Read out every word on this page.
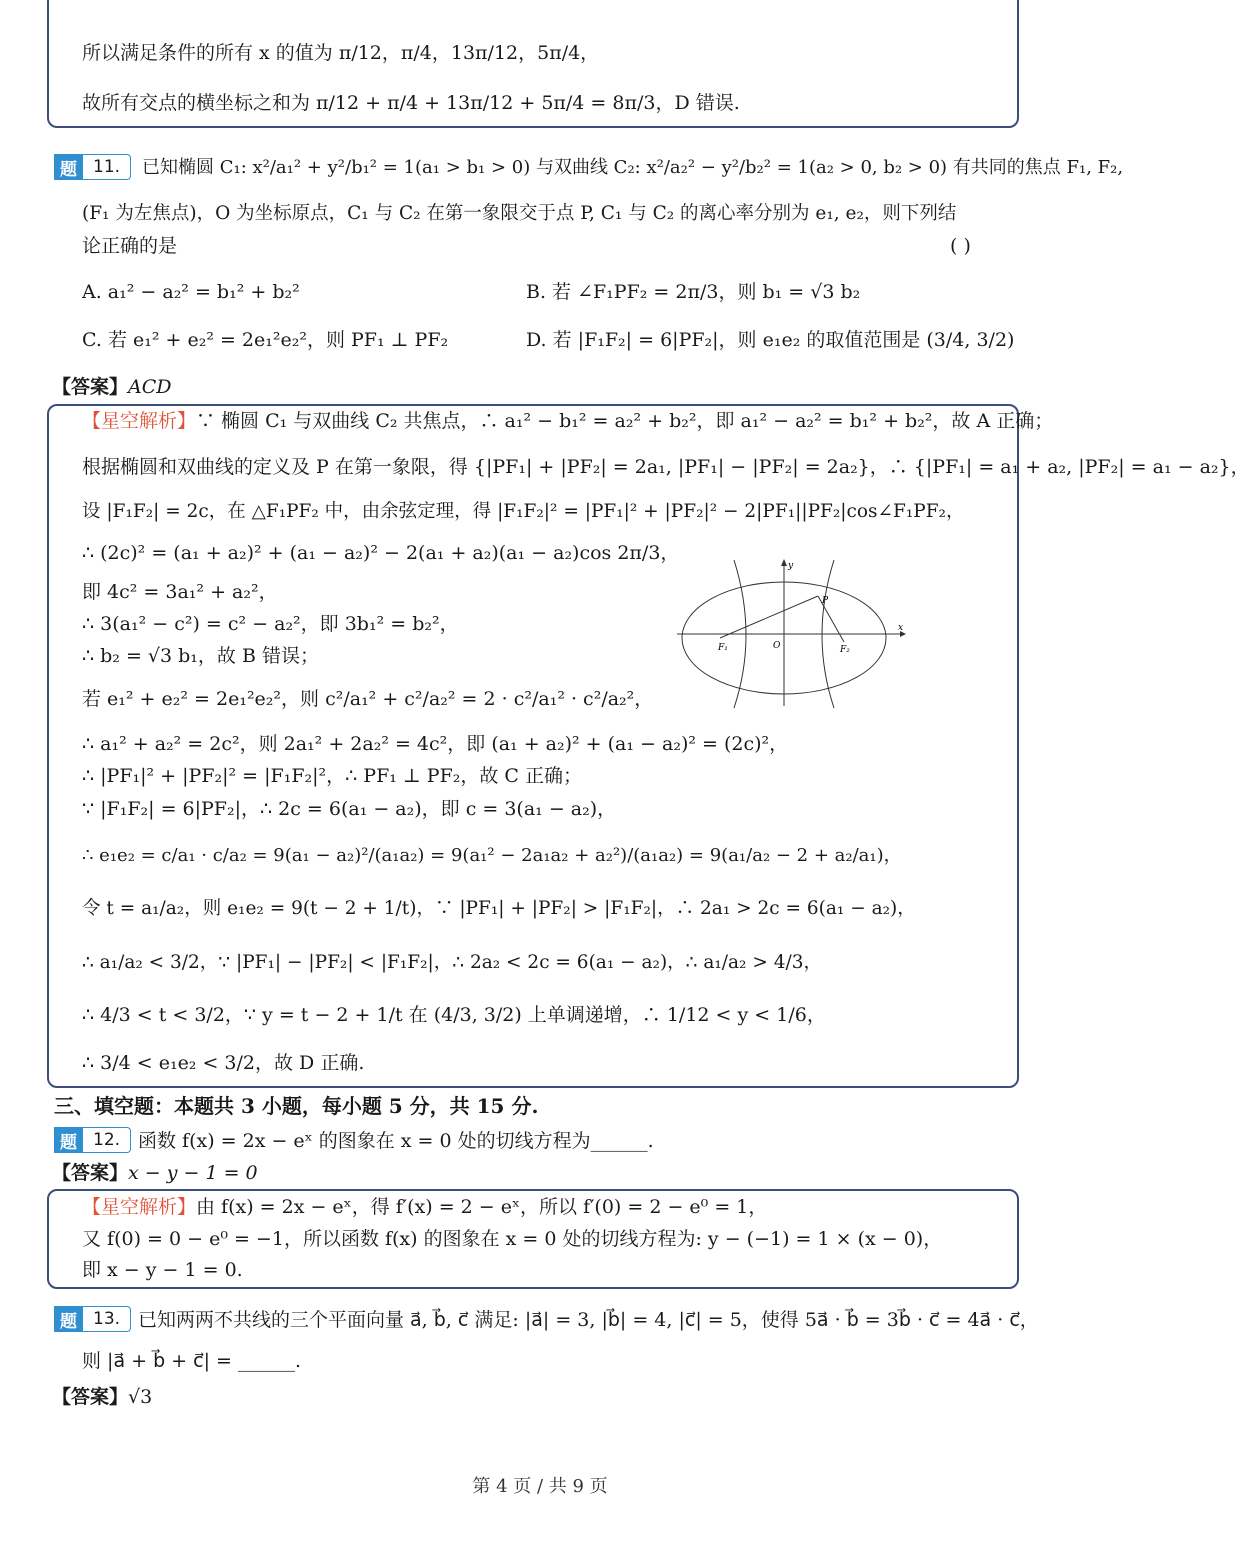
所以满足条件的所有 x 的值为 π/12，π/4，13π/12，5π/4，
故所有交点的横坐标之和为 π/12 + π/4 + 13π/12 + 5π/4 = 8π/3，D 错误.
题 11.	已知椭圆 C₁: x²/a₁² + y²/b₁² = 1(a₁ > b₁ > 0) 与双曲线 C₂: x²/a₂² − y²/b₂² = 1(a₂ > 0, b₂ > 0) 有共同的焦点 F₁, F₂,
(F₁ 为左焦点)，O 为坐标原点，C₁ 与 C₂ 在第一象限交于点 P, C₁ 与 C₂ 的离心率分别为 e₁, e₂，则下列结
论正确的是	( )
A. a₁² − a₂² = b₁² + b₂²	B. 若 ∠F₁PF₂ = 2π/3，则 b₁ = √3 b₂
C. 若 e₁² + e₂² = 2e₁²e₂²，则 PF₁ ⊥ PF₂	D. 若 |F₁F₂| = 6|PF₂|，则 e₁e₂ 的取值范围是 (3/4, 3/2)
【答案】ACD
【星空解析】∵ 椭圆 C₁ 与双曲线 C₂ 共焦点，∴ a₁² − b₁² = a₂² + b₂²，即 a₁² − a₂² = b₁² + b₂²，故 A 正确；
根据椭圆和双曲线的定义及 P 在第一象限，得 {|PF₁| + |PF₂| = 2a₁, |PF₁| − |PF₂| = 2a₂}，∴ {|PF₁| = a₁ + a₂, |PF₂| = a₁ − a₂}，
设 |F₁F₂| = 2c，在 △F₁PF₂ 中，由余弦定理，得 |F₁F₂|² = |PF₁|² + |PF₂|² − 2|PF₁||PF₂|cos∠F₁PF₂，
∴ (2c)² = (a₁ + a₂)² + (a₁ − a₂)² − 2(a₁ + a₂)(a₁ − a₂)cos 2π/3，
即 4c² = 3a₁² + a₂²，
∴ 3(a₁² − c²) = c² − a₂²，即 3b₁² = b₂²，
∴ b₂ = √3 b₁，故 B 错误；
若 e₁² + e₂² = 2e₁²e₂²，则 c²/a₁² + c²/a₂² = 2 · c²/a₁² · c²/a₂²，
∴ a₁² + a₂² = 2c²，则 2a₁² + 2a₂² = 4c²，即 (a₁ + a₂)² + (a₁ − a₂)² = (2c)²，
∴ |PF₁|² + |PF₂|² = |F₁F₂|²，∴ PF₁ ⊥ PF₂，故 C 正确；
∵ |F₁F₂| = 6|PF₂|，∴ 2c = 6(a₁ − a₂)，即 c = 3(a₁ − a₂)，
∴ e₁e₂ = c/a₁ · c/a₂ = 9(a₁ − a₂)²/(a₁a₂) = 9(a₁² − 2a₁a₂ + a₂²)/(a₁a₂) = 9(a₁/a₂ − 2 + a₂/a₁)，
令 t = a₁/a₂，则 e₁e₂ = 9(t − 2 + 1/t)，∵ |PF₁| + |PF₂| > |F₁F₂|，∴ 2a₁ > 2c = 6(a₁ − a₂)，
∴ a₁/a₂ < 3/2，∵ |PF₁| − |PF₂| < |F₁F₂|，∴ 2a₂ < 2c = 6(a₁ − a₂)，∴ a₁/a₂ > 4/3，
∴ 4/3 < t < 3/2，∵ y = t − 2 + 1/t 在 (4/3, 3/2) 上单调递增，∴ 1/12 < y < 1/6，
∴ 3/4 < e₁e₂ < 3/2，故 D 正确.
x
y
O
P
F₁	F₂
三、填空题：本题共 3 小题，每小题 5 分，共 15 分.
题 12. 函数 f(x) = 2x − eˣ 的图象在 x = 0 处的切线方程为______.
【答案】x − y − 1 = 0
【星空解析】由 f(x) = 2x − eˣ，得 f′(x) = 2 − eˣ，所以 f′(0) = 2 − e⁰ = 1，
又 f(0) = 0 − e⁰ = −1，所以函数 f(x) 的图象在 x = 0 处的切线方程为: y − (−1) = 1 × (x − 0)，
即 x − y − 1 = 0.
题 13. 已知两两不共线的三个平面向量 a⃗, b⃗, c⃗ 满足: |a⃗| = 3, |b⃗| = 4, |c⃗| = 5，使得 5a⃗ · b⃗ = 3b⃗ · c⃗ = 4a⃗ · c⃗，
则 |a⃗ + b⃗ + c⃗| = ______.
【答案】√3
第 4 页 / 共 9 页
